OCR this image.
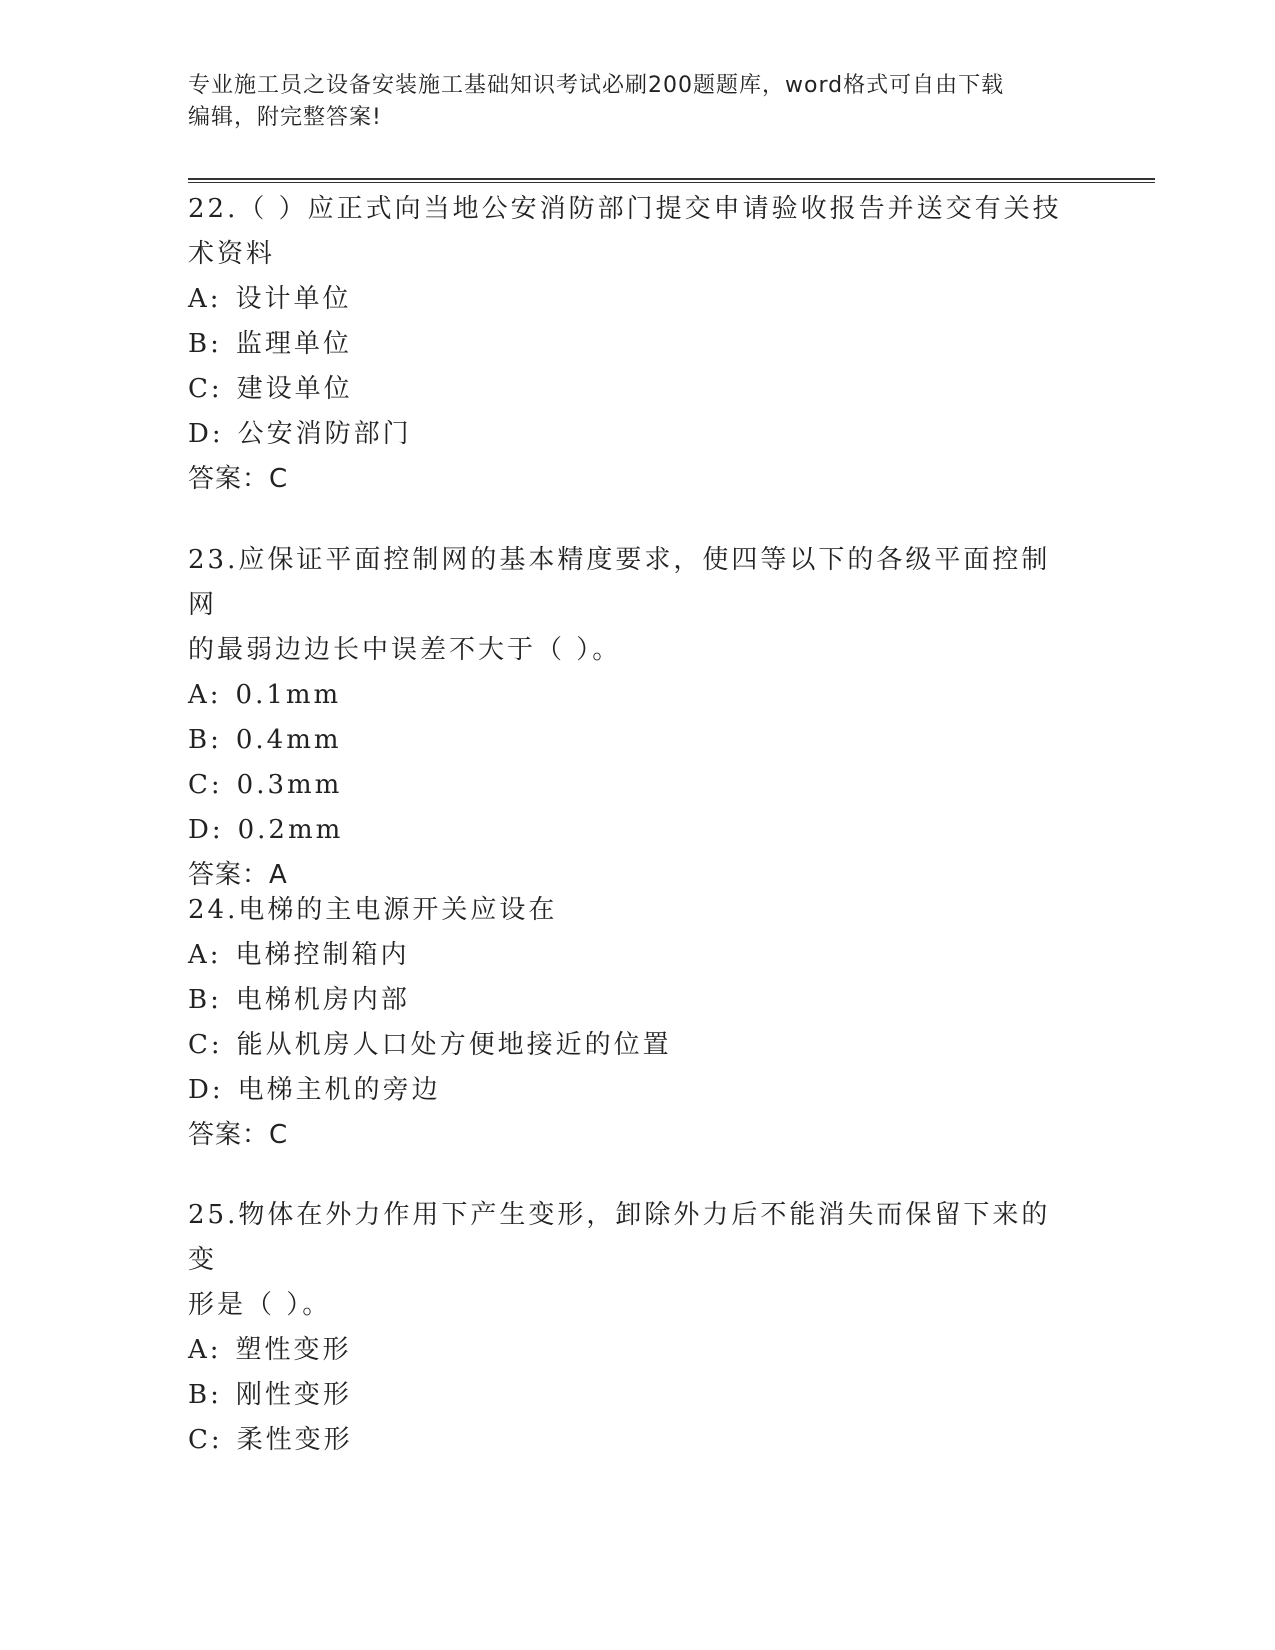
专业施工员之设备安装施工基础知识考试必刷200题题库，word格式可自由下载
编辑，附完整答案!
22.（ ）应正式向当地公安消防部门提交申请验收报告并送交有关技
术资料
A: 设计单位
B: 监理单位
C: 建设单位
D: 公安消防部门
答案：C
23.应保证平面控制网的基本精度要求，使四等以下的各级平面控制网
的最弱边边长中误差不大于（ ）。
A: 0.1mm
B: 0.4mm
C: 0.3mm
D: 0.2mm
答案：A
24.电梯的主电源开关应设在
A: 电梯控制箱内
B: 电梯机房内部
C: 能从机房人口处方便地接近的位置
D: 电梯主机的旁边
答案：C
25.物体在外力作用下产生变形，卸除外力后不能消失而保留下来的变
形是（ ）。
A: 塑性变形
B: 刚性变形
C: 柔性变形
